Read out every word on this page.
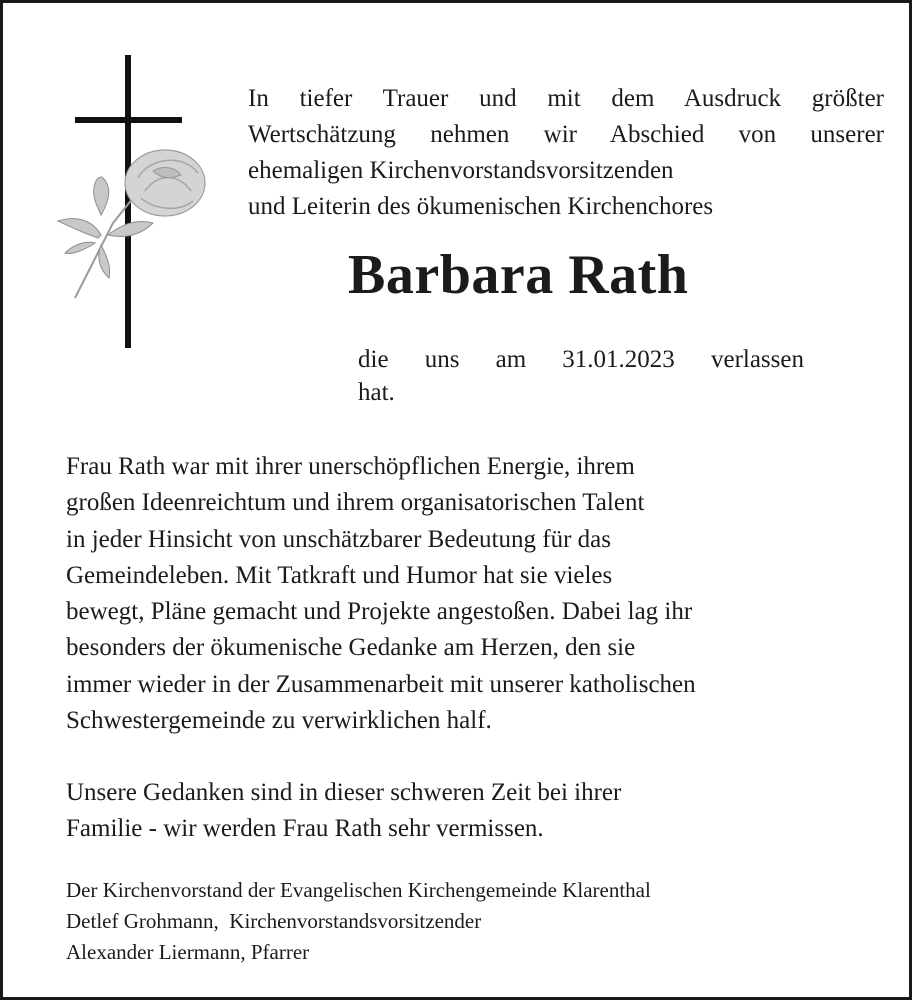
In tiefer Trauer und mit dem Ausdruck größter
Wertschätzung nehmen wir Abschied von unserer
ehemaligen Kirchenvorstandsvorsitzenden
und Leiterin des ökumenischen Kirchenchores
Barbara Rath
die uns am 31.01.2023 verlassen
hat.
Frau Rath war mit ihrer unerschöpflichen Energie, ihrem
großen Ideenreichtum und ihrem organisatorischen Talent
in jeder Hinsicht von unschätzbarer Bedeutung für das
Gemeindeleben. Mit Tatkraft und Humor hat sie vieles
bewegt, Pläne gemacht und Projekte angestoßen. Dabei lag ihr
besonders der ökumenische Gedanke am Herzen, den sie
immer wieder in der Zusammenarbeit mit unserer katholischen
Schwestergemeinde zu verwirklichen half.
Unsere Gedanken sind in dieser schweren Zeit bei ihrer
Familie - wir werden Frau Rath sehr vermissen.
Der Kirchenvorstand der Evangelischen Kirchengemeinde Klarenthal
Detlef Grohmann,  Kirchenvorstandsvorsitzender
Alexander Liermann, Pfarrer
